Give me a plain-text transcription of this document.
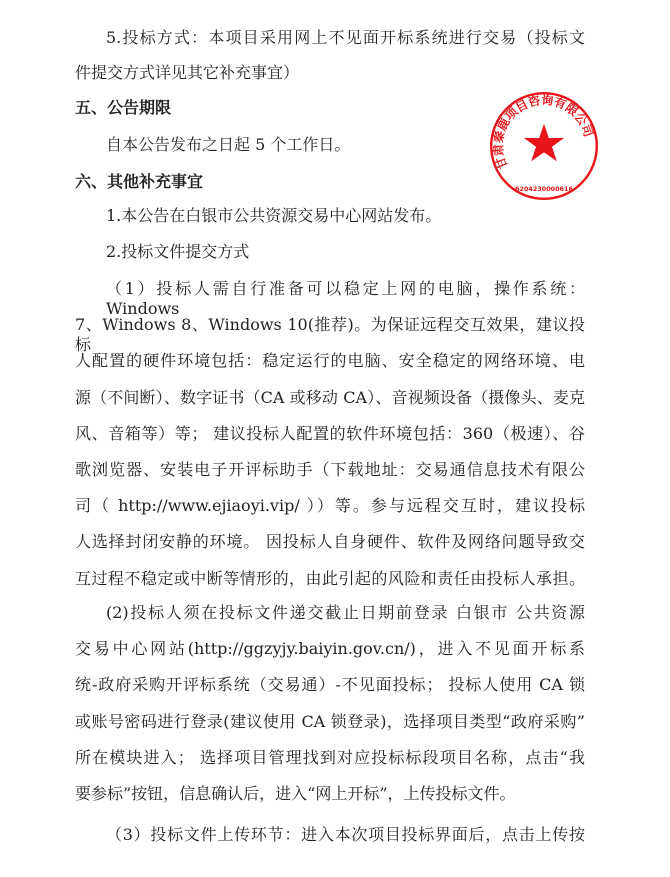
5.投标方式：本项目采用网上不见面开标系统进行交易（投标文
件提交方式详见其它补充事宜）
五、公告期限
自本公告发布之日起 5 个工作日。
六、其他补充事宜
1.本公告在白银市公共资源交易中心网站发布。
2.投标文件提交方式
（1）投标人需自行准备可以稳定上网的电脑，操作系统：Windows
7、Windows 8、Windows 10(推荐)。为保证远程交互效果，建议投标
人配置的硬件环境包括：稳定运行的电脑、安全稳定的网络环境、电
源（不间断）、数字证书（CA 或移动 CA）、音视频设备（摄像头、麦克
风、音箱等）等； 建议投标人配置的软件环境包括：360（极速）、谷
歌浏览器、安装电子开评标助手（下载地址：交易通信息技术有限公
司（ http://www.ejiaoyi.vip/ ））等。参与远程交互时，建议投标
人选择封闭安静的环境。 因投标人自身硬件、软件及网络问题导致交
互过程不稳定或中断等情形的，由此引起的风险和责任由投标人承担。
(2)投标人须在投标文件递交截止日期前登录 白银市 公共资源
交易中心网站(http://ggzyjy.baiyin.gov.cn/)，进入不见面开标系
统-政府采购开评标系统（交易通）-不见面投标； 投标人使用 CA 锁
或账号密码进行登录(建议使用 CA 锁登录)，选择项目类型“政府采购”
所在模块进入； 选择项目管理找到对应投标标段项目名称，点击“我
要参标”按钮，信息确认后，进入“网上开标”，上传投标文件。
（3）投标文件上传环节：进入本次项目投标界面后，点击上传按
甘肃秦鹿项目咨询有限公司
6204230000616
